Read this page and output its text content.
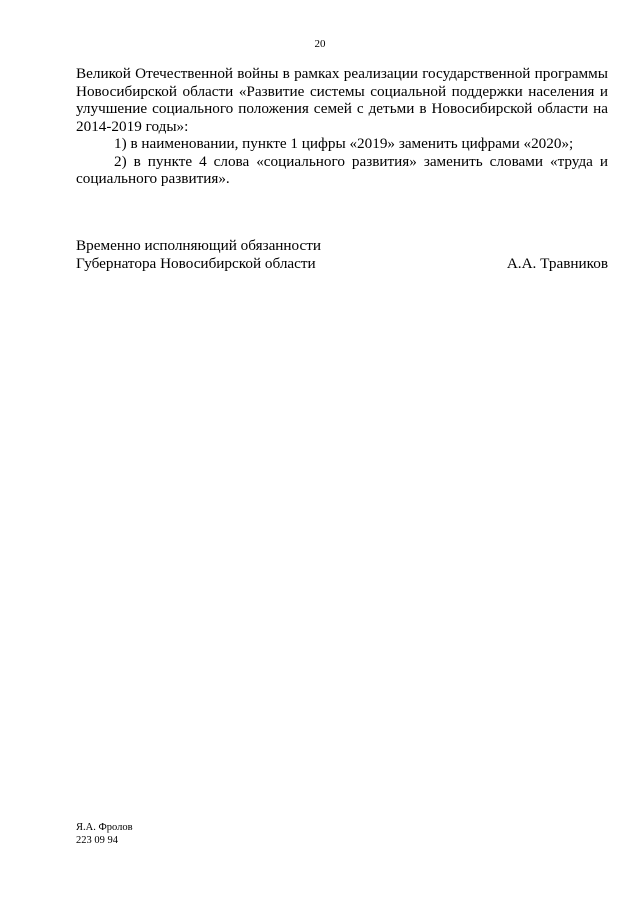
20

Великой Отечественной войны в рамках реализации государственной программы Новосибирской области «Развитие системы социальной поддержки населения и улучшение социального положения семей с детьми в Новосибирской области на 2014-2019 годы»:

1) в наименовании, пункте 1 цифры «2019» заменить цифрами «2020»;

2) в пункте 4 слова «социального развития» заменить словами «труда и социального развития».

Временно исполняющий обязанности
Губернатора Новосибирской области	А.А. Травников
Я.А. Фролов
223 09 94
